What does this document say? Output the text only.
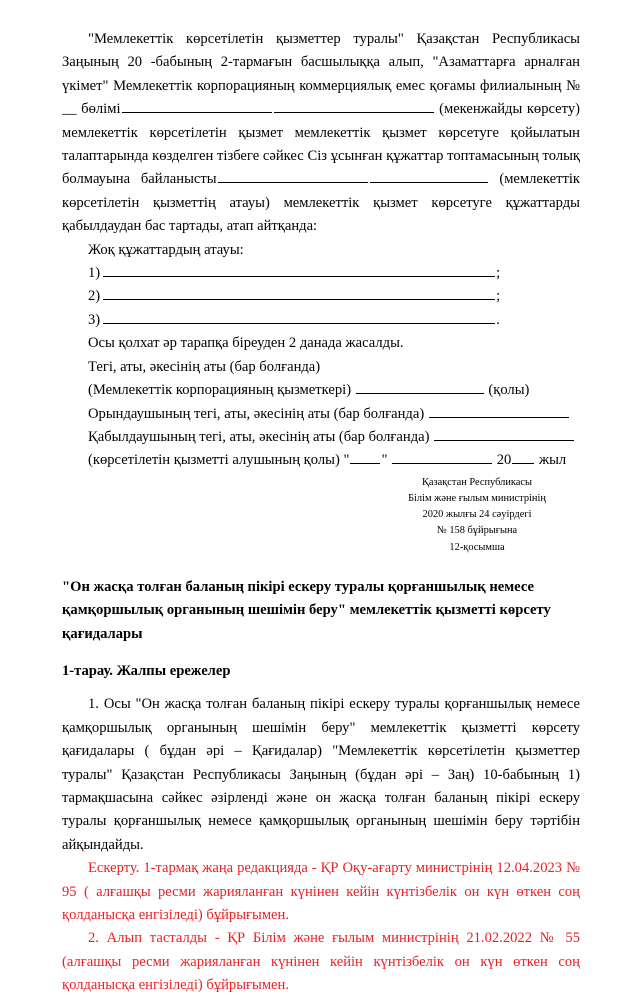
"Мемлекеттік көрсетілетін қызметтер туралы" Қазақстан Республикасы Заңының 20 -бабының 2-тармағын басшылыққа алып, "Азаматтарға арналған үкімет" Мемлекеттік корпорацияның коммерциялық емес қоғамы филиалының № __ бөлімі	(мекенжайды көрсету) мемлекеттік көрсетілетін қызмет мемлекеттік қызмет көрсетуге қойылатын талаптарында көзделген тізбеге сәйкес Сіз ұсынған құжаттар топтамасының толық болмауына байланысты	(мемлекеттік көрсетілетін қызметтің атауы) мемлекеттік қызмет көрсетуге құжаттарды қабылдаудан бас тартады, атап айтқанда:

Жоқ құжаттардың атауы:

1)	;
2)	;
3)	.

Осы қолхат әр тарапқа біреуден 2 данада жасалды.

Тегі, аты, әкесінің аты (бар болғанда)

(Мемлекеттік корпорацияның қызметкері)	(қолы)

Орындаушының тегі, аты, әкесінің аты (бар болғанда)

Қабылдаушының тегі, аты, әкесінің аты (бар болғанда)

(көрсетілетін қызметті алушының қолы) " "	20 жыл

Қазақстан Республикасы
Білім және ғылым министрінің
2020 жылғы 24 сәуірдегі
№ 158 бұйрығына
12-қосымша

"Он жасқа толған баланың пікірі ескеру туралы қорғаншылық немесе қамқоршылық органының шешімін беру" мемлекеттік қызметті көрсету қағидалары

1-тарау. Жалпы ережелер

1. Осы "Он жасқа толған баланың пікірі ескеру туралы қорғаншылық немесе қамқоршылық органының шешімін беру" мемлекеттік қызметті көрсету қағидалары ( бұдан әрі – Қағидалар) "Мемлекеттік көрсетілетін қызметтер туралы" Қазақстан Республикасы Заңының (бұдан әрі – Заң) 10-бабының 1) тармақшасына сәйкес әзірленді және он жасқа толған баланың пікірі ескеру туралы қорғаншылық немесе қамқоршылық органының шешімін беру тәртібін айқындайды.

Ескерту. 1-тармақ жаңа редакцияда - ҚР Оқу-ағарту министрінің 12.04.2023 № 95 ( алғашқы ресми жарияланған күнінен кейін күнтізбелік он күн өткен соң қолданысқа енгізіледі) бұйрығымен.

2. Алып тасталды - ҚР Білім және ғылым министрінің 21.02.2022 № 55 (алғашқы ресми жарияланған күнінен кейін күнтізбелік он күн өткен соң қолданысқа енгізіледі) бұйрығымен.
